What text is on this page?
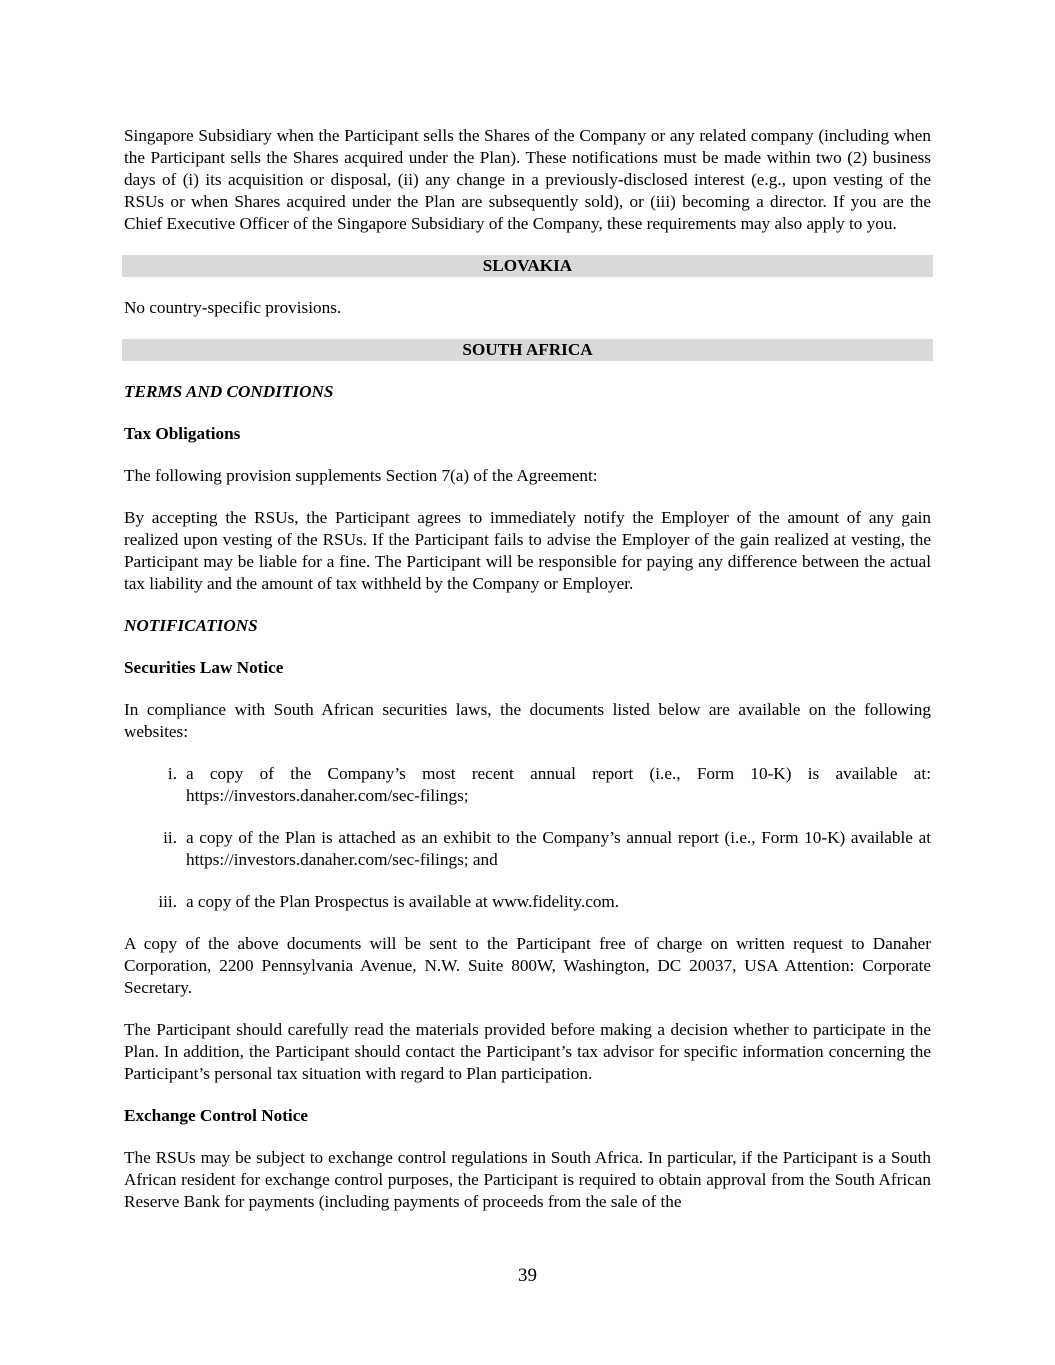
Singapore Subsidiary when the Participant sells the Shares of the Company or any related company (including when the Participant sells the Shares acquired under the Plan). These notifications must be made within two (2) business days of (i) its acquisition or disposal, (ii) any change in a previously-disclosed interest (e.g., upon vesting of the RSUs or when Shares acquired under the Plan are subsequently sold), or (iii) becoming a director. If you are the Chief Executive Officer of the Singapore Subsidiary of the Company, these requirements may also apply to you.

SLOVAKIA

No country-specific provisions.

SOUTH AFRICA

TERMS AND CONDITIONS

Tax Obligations

The following provision supplements Section 7(a) of the Agreement:

By accepting the RSUs, the Participant agrees to immediately notify the Employer of the amount of any gain realized upon vesting of the RSUs. If the Participant fails to advise the Employer of the gain realized at vesting, the Participant may be liable for a fine. The Participant will be responsible for paying any difference between the actual tax liability and the amount of tax withheld by the Company or Employer.

NOTIFICATIONS

Securities Law Notice

In compliance with South African securities laws, the documents listed below are available on the following websites:

i. a copy of the Company’s most recent annual report (i.e., Form 10-K) is available at: https://investors.danaher.com/sec-filings;
ii. a copy of the Plan is attached as an exhibit to the Company’s annual report (i.e., Form 10-K) available at https://investors.danaher.com/sec-filings; and
iii. a copy of the Plan Prospectus is available at www.fidelity.com.

A copy of the above documents will be sent to the Participant free of charge on written request to Danaher Corporation, 2200 Pennsylvania Avenue, N.W. Suite 800W, Washington, DC 20037, USA Attention: Corporate Secretary.

The Participant should carefully read the materials provided before making a decision whether to participate in the Plan. In addition, the Participant should contact the Participant’s tax advisor for specific information concerning the Participant’s personal tax situation with regard to Plan participation.

Exchange Control Notice

The RSUs may be subject to exchange control regulations in South Africa. In particular, if the Participant is a South African resident for exchange control purposes, the Participant is required to obtain approval from the South African Reserve Bank for payments (including payments of proceeds from the sale of the

39
